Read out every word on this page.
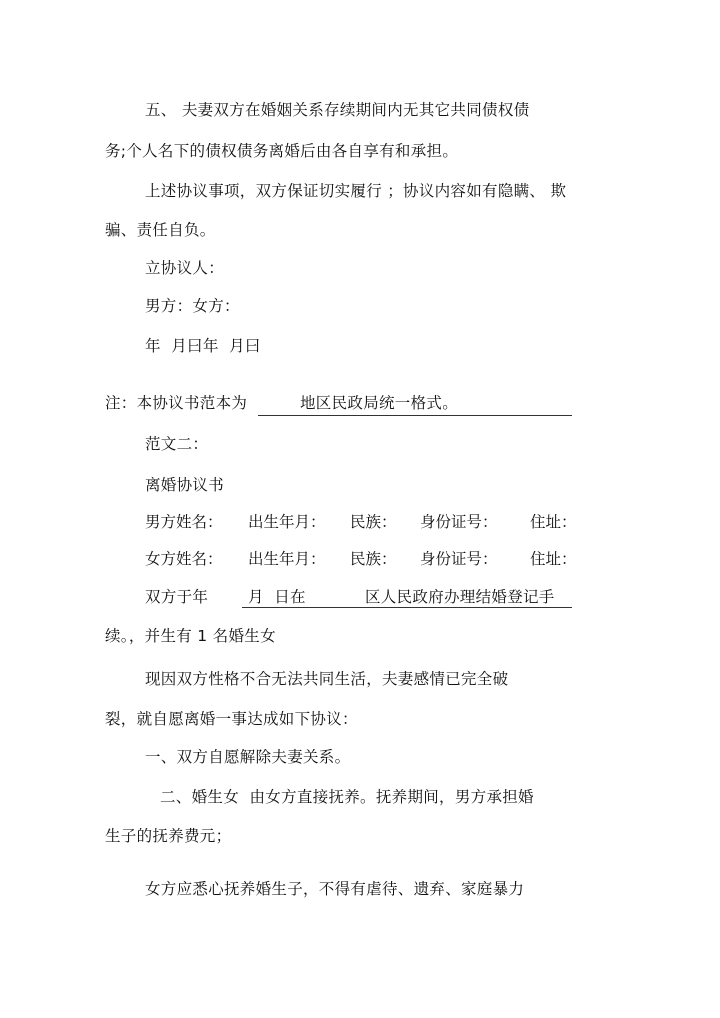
五、 夫妻双方在婚姻关系存续期间内无其它共同债权债
务;个人名下的债权债务离婚后由各自享有和承担。
上述协议事项，双方保证切实履行 ；协议内容如有隐瞒、 欺
骗、责任自负。
立协议人：
男方：女方：
年  月曰年  月曰
注：本协议书范本为	地区民政局统一格式。
范文二：
离婚协议书
男方姓名： 出生年月： 民族： 身份证号： 住址：
女方姓名： 出生年月： 民族： 身份证号： 住址：
双方于年	月  日在	区人民政府办理结婚登记手
续。，并生有 1 名婚生女
现因双方性格不合无法共同生活，夫妻感情已完全破
裂，就自愿离婚一事达成如下协议：
一、双方自愿解除夫妻关系。
二、婚生女  由女方直接抚养。抚养期间，男方承担婚
生子的抚养费元；
女方应悉心抚养婚生子，不得有虐待、遗弃、家庭暴力
